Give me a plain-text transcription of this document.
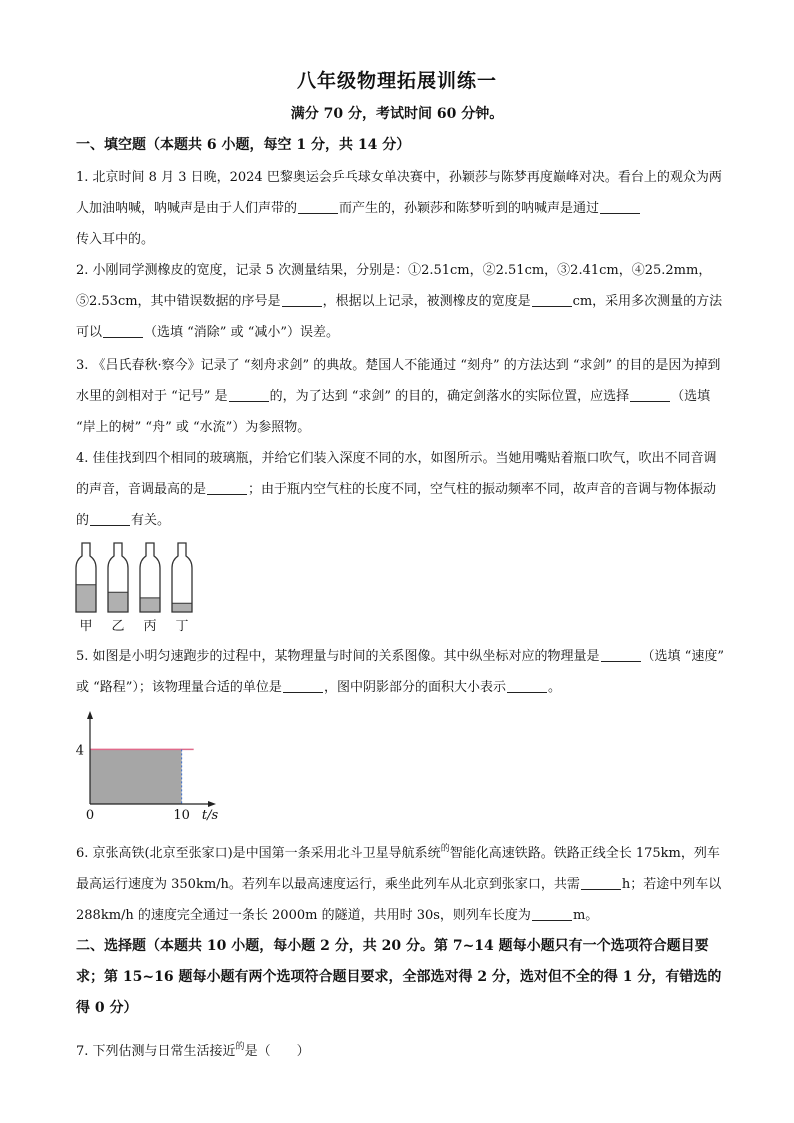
八年级物理拓展训练一
满分 70 分，考试时间 60 分钟。
一、填空题（本题共 6 小题，每空 1 分，共 14 分）

1. 北京时间 8 月 3 日晚，2024 巴黎奥运会乒乓球女单决赛中，孙颖莎与陈梦再度巅峰对决。看台上的观众为两人加油呐喊，呐喊声是由于人们声带的	而产生的，孙颖莎和陈梦听到的呐喊声是通过

传入耳中的。

2. 小刚同学测橡皮的宽度，记录 5 次测量结果，分别是：①2.51cm，②2.51cm，③2.41cm，④25.2mm，⑤2.53cm，其中错误数据的序号是	，根据以上记录，被测橡皮的宽度是	cm，采用多次测量的方法可以	（选填 “消除” 或 “减小”）误差。

3. 《吕氏春秋·察今》记录了 “刻舟求剑” 的典故。楚国人不能通过 “刻舟” 的方法达到 “求剑” 的目的是因为掉到水里的剑相对于 “记号” 是	的，为了达到 “求剑” 的目的，确定剑落水的实际位置，应选择	（选填 “岸上的树” “舟” 或 “水流”）为参照物。

4. 佳佳找到四个相同的玻璃瓶，并给它们装入深度不同的水，如图所示。当她用嘴贴着瓶口吹气，吹出不同音调的声音，音调最高的是	；由于瓶内空气柱的长度不同，空气柱的振动频率不同，故声音的音调与物体振动的	有关。

甲 乙 丙 丁

5. 如图是小明匀速跑步的过程中，某物理量与时间的关系图像。其中纵坐标对应的物理量是	（选填 “速度” 或 “路程”）；该物理量合适的单位是	，图中阴影部分的面积大小表示	。

4
0	10 t/s

6. 京张高铁(北京至张家口)是中国第一条采用北斗卫星导航系统$^的$智能化高速铁路。铁路正线全长 175km，列车最高运行速度为 350km/h。若列车以最高速度运行，乘坐此列车从北京到张家口，共需	h；若途中列车以 288km/h 的速度完全通过一条长 2000m 的隧道，共用时 30s，则列车长度为	m。

二、选择题（本题共 10 小题，每小题 2 分，共 20 分。第 7~14 题每小题只有一个选项符合题目要求；第 15~16 题每小题有两个选项符合题目要求，全部选对得 2 分，选对但不全的得 1 分，有错选的得 0 分）

7. 下列估测与日常生活接近$^的$是（　　）
